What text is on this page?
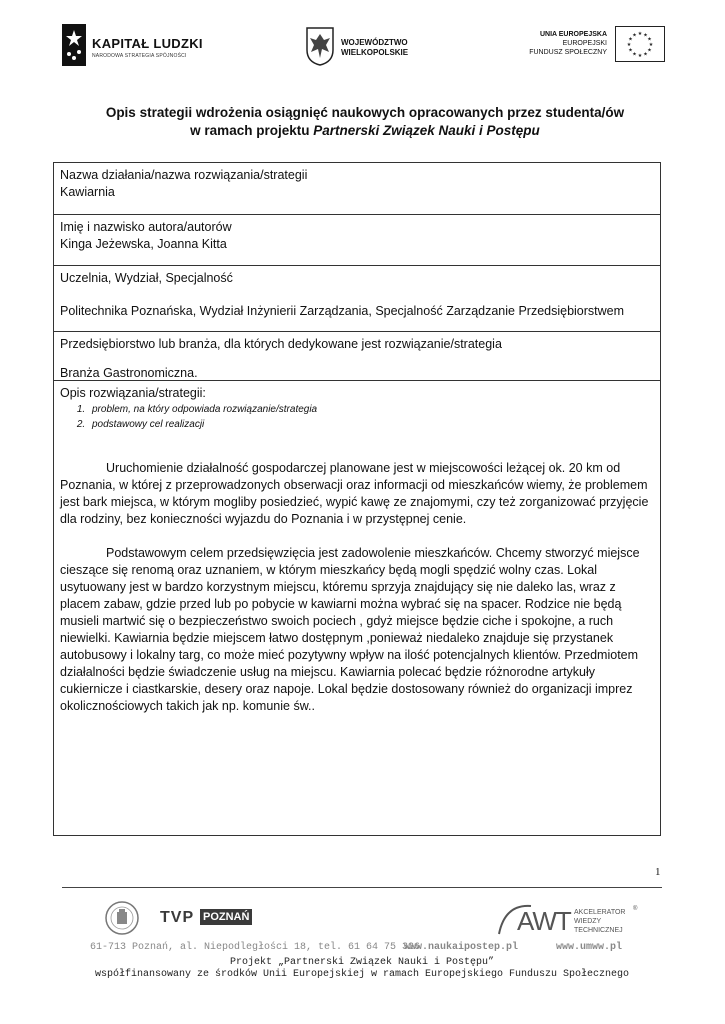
KAPITAŁ LUDZKI
NARODOWA STRATEGIA SPÓJNOŚCI
WOJEWÓDZTWO
WIELKOPOLSKIE
UNIA EUROPEJSKA
EUROPEJSKI
FUNDUSZ SPOŁECZNY
★ ★
★
★
★
★
★
★
★
★
★
★
Opis strategii wdrożenia osiągnięć naukowych opracowanych przez studenta/ów
w ramach projektu Partnerski Związek Nauki i Postępu
Nazwa działania/nazwa rozwiązania/strategii
Kawiarnia
Imię i nazwisko autora/autorów
Kinga Jeżewska, Joanna Kitta
Uczelnia, Wydział, Specjalność
Politechnika Poznańska, Wydział Inżynierii Zarządzania, Specjalność Zarządzanie Przedsiębiorstwem
Przedsiębiorstwo lub branża, dla których dedykowane jest rozwiązanie/strategia
Branża Gastronomiczna.
Opis rozwiązania/strategii:
1. problem, na który odpowiada rozwiązanie/strategia
2. podstawowy cel realizacji

Uruchomienie działalność gospodarczej planowane jest w miejscowości leżącej ok. 20 km od Poznania, w której z przeprowadzonych obserwacji oraz informacji od mieszkańców wiemy, że problemem jest bark miejsca, w którym mogliby posiedzieć, wypić kawę ze znajomymi, czy też zorganizować przyjęcie dla rodziny, bez konieczności wyjazdu do Poznania i w przystępnej cenie.

Podstawowym celem przedsięwzięcia jest zadowolenie mieszkańców. Chcemy stworzyć miejsce cieszące się renomą oraz uznaniem, w którym mieszkańcy będą mogli spędzić wolny czas. Lokal usytuowany jest w bardzo korzystnym miejscu, któremu sprzyja znajdujący się nie daleko las, wraz z placem zabaw, gdzie przed lub po pobycie w kawiarni można wybrać się na spacer. Rodzice nie będą musieli martwić się o bezpieczeństwo swoich pociech , gdyż miejsce będzie ciche i spokojne, a ruch niewielki. Kawiarnia będzie miejscem łatwo dostępnym ,ponieważ niedaleko znajduje się przystanek autobusowy i lokalny targ, co może mieć pozytywny wpływ na ilość potencjalnych klientów. Przedmiotem działalności będzie świadczenie usług na miejscu. Kawiarnia polecać będzie różnorodne artykuły cukiernicze i ciastkarskie, desery oraz napoje. Lokal będzie dostosowany również do organizacji imprez okolicznościowych takich jak np. komunie św..

1
TVP POZNAŃ	AWT AKCELERATOR
WIEDZY
TECHNICZNEJ
®
61-713 Poznań, al. Niepodległości 18, tel. 61 64 75 326
www.naukaipostep.pl	www.umww.pl
Projekt „Partnerski Związek Nauki i Postępu”
współfinansowany ze środków Unii Europejskiej w ramach Europejskiego Funduszu Społecznego
